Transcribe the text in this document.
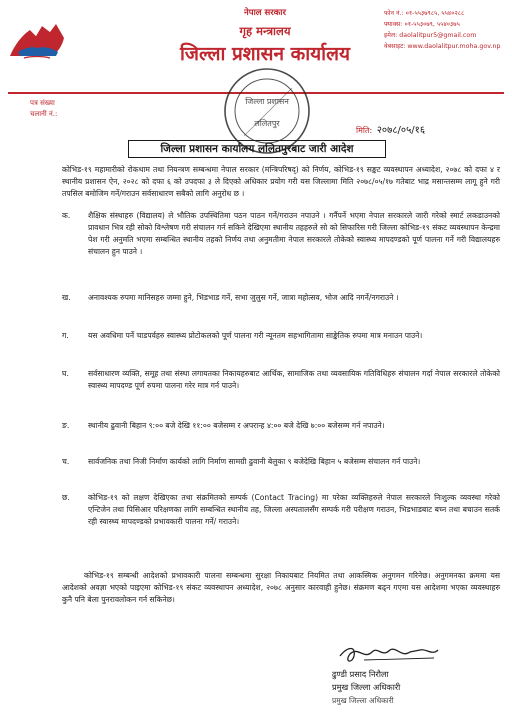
नेपाल सरकार
गृह मन्त्रालय
जिल्ला प्रशासन कार्यालय
फोन नं.: ०१-५५३७९८५, ५५४०२८८
फ्याक्स: ०१-५५३०७९, ५५४०३७५
इमेल: daolalitpur5@gmail.com
वेबसाइट: www.daolalitpur.moha.gov.np
पत्र संख्या
चलानी नं.:
मिति: २०७८/०५/१६
जिल्ला प्रशासन
ललितपुर
जिल्ला प्रशासन कार्यालय ललितपुरबाट जारी आदेश
कोभिड-१९ महामारीको रोकथाम तथा नियन्त्रण सम्बन्धमा नेपाल सरकार (मन्त्रिपरिषद्) को निर्णय, कोभिड-१९ सङ्कट व्यवस्थापन अध्यादेश, २०७८ को दफा ४ र स्थानीय प्रशासन ऐन, २०२८ को दफा ६ को उपदफा ३ ले दिएको अधिकार प्रयोग गरी यस जिल्लामा मिति २०७८/०५/१७ गतेबाट भाद्र मसान्तसम्म लागू हुने गरी तपसिल बमोजिम गर्ने/गराउन सर्वसाधारण सबैको लागि अनुरोध छ ।
क.	शैक्षिक संस्थाहरु (विद्यालय) ले भौतिक उपस्थितिमा पठन पाठन गर्ने/गराउन नपाउने । गर्नैपर्ने भएमा नेपाल सरकारले जारी गरेको स्मार्ट लकडाउनको प्रावधान भित्र रही सोको विश्लेषण गरी संचालन गर्न सकिने देखिएमा स्थानीय तहहरुले सो को सिफारिस गरी जिल्ला कोभिड-१९ संकट व्यवस्थापन केन्द्रमा पेश गरी अनुमति भएमा सम्बन्धित स्थानीय तहको निर्णय तथा अनुमतीमा नेपाल सरकारले तोकेको स्वास्थ्य मापदण्डको पूर्ण पालना गर्ने गरी विद्यालयहरु संचालन हुन पाउने ।
ख.	अनावश्यक रुपमा मानिसहरु जम्मा हुने, भिडभाड गर्ने, सभा जुलुस गर्ने, जात्रा महोत्सव, भोज आदि नगर्ने/नगराउने ।
ग.	यस अवधिमा पर्ने चाडपर्वहरु स्वास्थ्य प्रोटोकलको पूर्ण पालना गरी न्यूनतम सहभागितामा साङ्केतिक रुपमा मात्र मनाउन पाउने।
घ.	सर्वसाधारण व्यक्ति, समूह तथा संस्था लगायतका निकायहरुबाट आर्थिक, सामाजिक तथा व्यवसायिक गतिविधिहरु संचालन गर्दा नेपाल सरकारले तोकेको स्वास्थ्य मापदण्ड पूर्ण रुपमा पालना गरेर मात्र गर्न पाउने।
ङ.	स्थानीय ढुवानी बिहान ९:०० बजे देखि ११:०० बजेसम्म र अपरान्ह ४:०० बजे देखि ७:०० बजेसम्म गर्न नपाउने।
च.	सार्वजनिक तथा निजी निर्माण कार्यको लागि निर्माण सामग्री ढुवानी बेलुका ९ बजेदेखि बिहान ५ बजेसम्म संचालन गर्न पाउने।
छ.	कोभिड-१९ को लक्षण देखिएका तथा संक्रमितको सम्पर्क (Contact Tracing) मा परेका व्यक्तिहरुले नेपाल सरकारले निःशुल्क व्यवस्था गरेको एन्टिजेन तथा पिसिआर परिक्षणका लागि सम्बन्धित स्थानीय तह, जिल्ला अस्पतालसँग सम्पर्क गरी परीक्षण गराउन, भिडभाडबाट बच्न तथा बचाउन सतर्क रही स्वास्थ्य मापदण्डको प्रभावकारी पालना गर्ने/ गराउने।
कोभिड-१९ सम्बन्धी आदेशको प्रभावकारी पालना सम्बन्धमा सुरक्षा निकायबाट नियमित तथा आकस्मिक अनुगमन गरिनेछ। अनुगमनका क्रममा यस आदेशको अवज्ञा भएको पाइएमा कोभिड-१९ संकट व्यवस्थापन अध्यादेश, २०७८ अनुसार कारवाही हुनेछ। संक्रमण बढ्न गएमा यस आदेशमा भएका व्यवस्थाहरु कुनै पनि बेला पुनरावलोकन गर्न सकिनेछ।
ढुण्डी प्रसाद निरौला
प्रमुख जिल्ला अधिकारी
प्रमुख जिल्ला अधिकारी
